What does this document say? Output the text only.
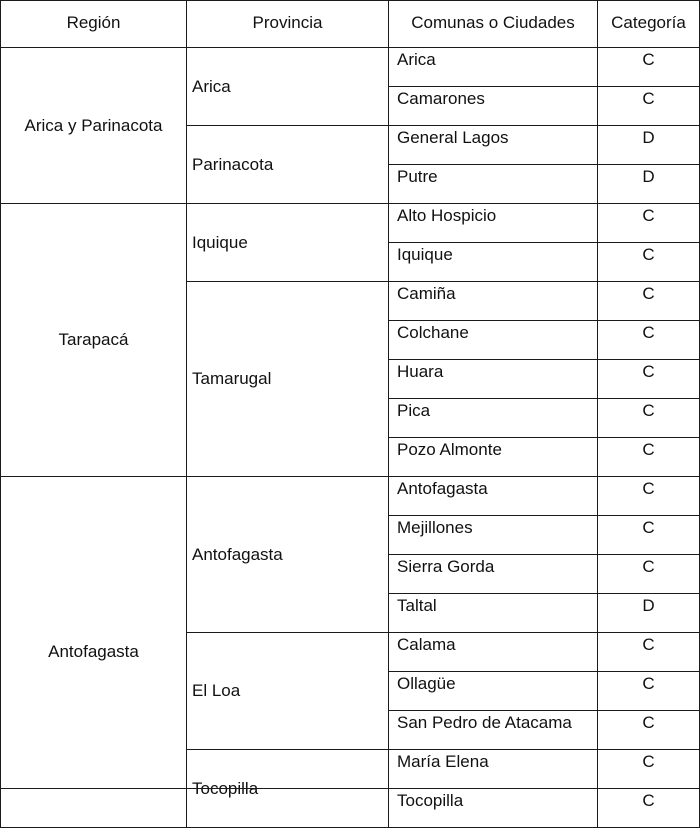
Región	Provincia	Comunas o Ciudades	Categoría
Arica y Parinacota	Arica	Arica	C
		Camarones	C
	Parinacota	General Lagos	D
		Putre	D
Tarapacá	Iquique	Alto Hospicio	C
		Iquique	C
	Tamarugal	Camiña	C
		Colchane	C
		Huara	C
		Pica	C
		Pozo Almonte	C
Antofagasta	Antofagasta	Antofagasta	C
		Mejillones	C
		Sierra Gorda	C
		Taltal	D
	El Loa	Calama	C
		Ollagüe	C
		San Pedro de Atacama	C
	Tocopilla	María Elena	C
		Tocopilla	C
